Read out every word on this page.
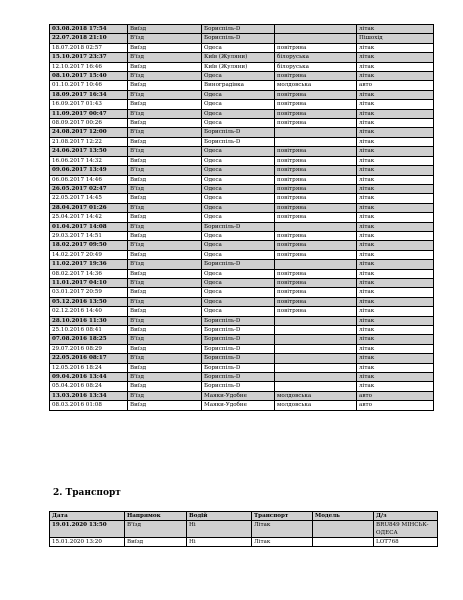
03.08.2018 17:54	Виїзд	Бориспіль-D		літак
22.07.2018 21:10	В'їзд	Бориспіль-D		Пішохід
18.07.2018 02:57	Виїзд	Одеса	повітряна	літак
15.10.2017 23:37	В'їзд	Київ (Жуляни)	білоруська	літак
12.10.2017 16:46	Виїзд	Київ (Жуляни)	білоруська	літак
08.10.2017 15:40	В'їзд	Одеса	повітряна	літак
01.10.2017 10:46	Виїзд	Виноградівка	молдовська	авто
18.09.2017 16:34	В'їзд	Одеса	повітряна	літак
16.09.2017 01:43	Виїзд	Одеса	повітряна	літак
11.09.2017 00:47	В'їзд	Одеса	повітряна	літак
08.09.2017 00:26	Виїзд	Одеса	повітряна	літак
24.08.2017 12:00	В'їзд	Бориспіль-D		літак
21.08.2017 12:22	Виїзд	Бориспіль-D		літак
24.06.2017 13:50	В'їзд	Одеса	повітряна	літак
16.06.2017 14:32	Виїзд	Одеса	повітряна	літак
09.06.2017 13:49	В'їзд	Одеса	повітряна	літак
06.06.2017 14:46	Виїзд	Одеса	повітряна	літак
26.05.2017 02:47	В'їзд	Одеса	повітряна	літак
22.05.2017 14:45	Виїзд	Одеса	повітряна	літак
28.04.2017 01:26	В'їзд	Одеса	повітряна	літак
25.04.2017 14:42	Виїзд	Одеса	повітряна	літак
01.04.2017 14:08	В'їзд	Бориспіль-D		літак
29.03.2017 14:51	Виїзд	Одеса	повітряна	літак
18.02.2017 09:50	В'їзд	Одеса	повітряна	літак
14.02.2017 20:49	Виїзд	Одеса	повітряна	літак
11.02.2017 19:36	В'їзд	Бориспіль-D		літак
08.02.2017 14:36	Виїзд	Одеса	повітряна	літак
11.01.2017 04:10	В'їзд	Одеса	повітряна	літак
03.01.2017 20:59	Виїзд	Одеса	повітряна	літак
05.12.2016 13:50	В'їзд	Одеса	повітряна	літак
02.12.2016 14:40	Виїзд	Одеса	повітряна	літак
28.10.2016 11:30	В'їзд	Бориспіль-D		літак
25.10.2016 08:41	Виїзд	Бориспіль-D		літак
07.08.2016 18:25	В'їзд	Бориспіль-D		літак
29.07.2016 08:29	Виїзд	Бориспіль-D		літак
22.05.2016 08:17	В'їзд	Бориспіль-D		літак
12.05.2016 18:24	Виїзд	Бориспіль-D		літак
09.04.2016 13:44	В'їзд	Бориспіль-D		літак
05.04.2016 08:24	Виїзд	Бориспіль-D		літак
13.03.2016 13:34	В'їзд	Маяки-Удобне	молдовська	авто
08.03.2016 01:08	Виїзд	Маяки-Удобне	молдовська	авто
2. Транспорт
Дата	Напрямок	Водій	Транспорт	Модель	Д/з
19.01.2020 13:50	В'їзд	Ні	Літак		BRU849 МІНСЬК-ОДЕСА
15.01.2020 13:20	Виїзд	Ні	Літак		LOT768
